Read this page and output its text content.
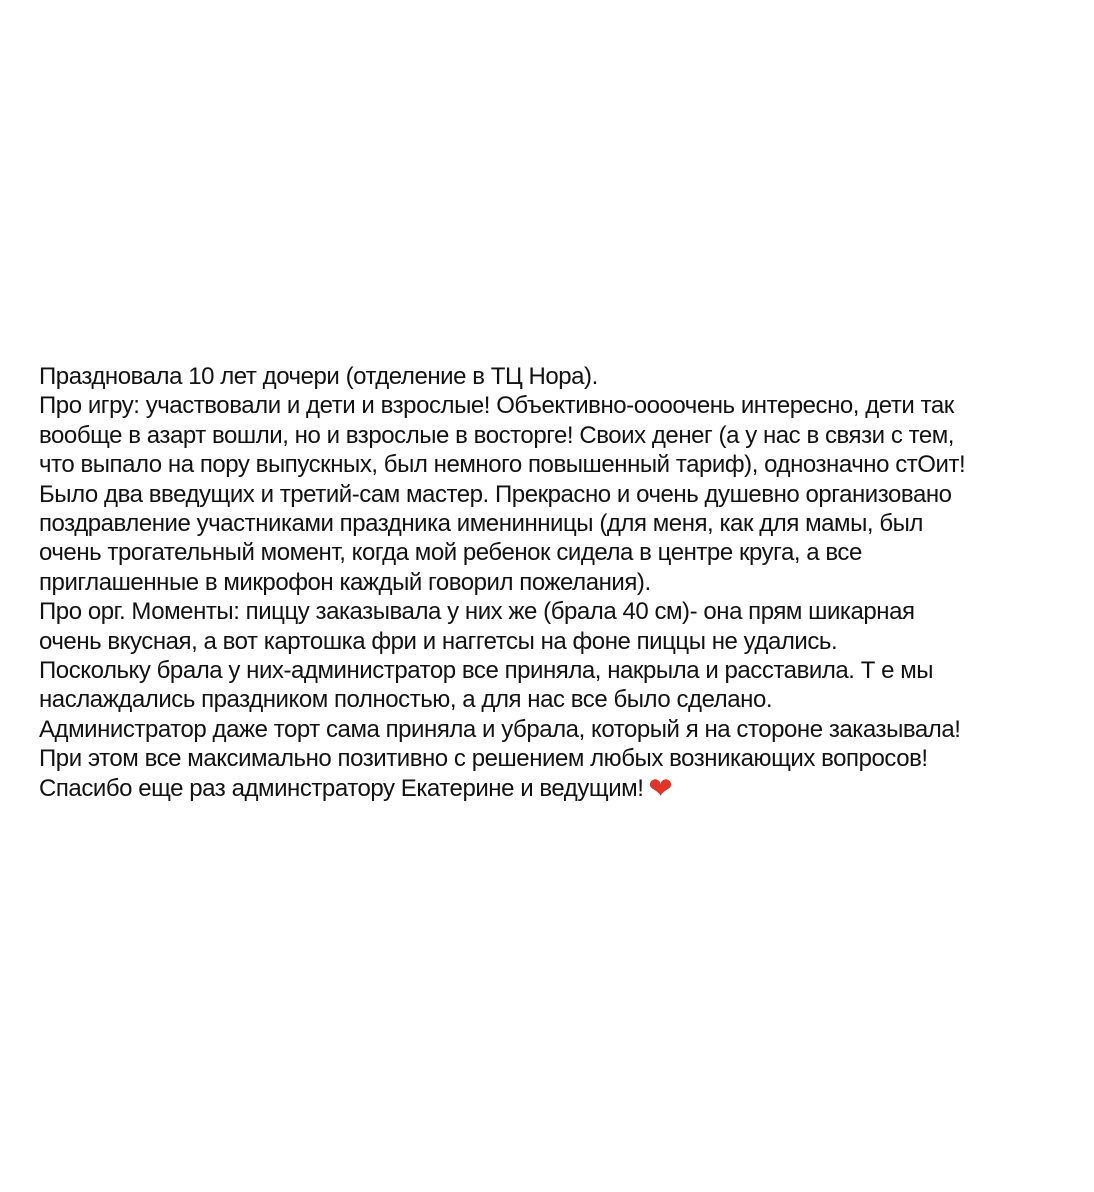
Праздновала 10 лет дочери (отделение в ТЦ Нора).
Про игру: участвовали и дети и взрослые! Объективно-оооочень интересно, дети так
вообще в азарт вошли, но и взрослые в восторге! Своих денег (а у нас в связи с тем,
что выпало на пору выпускных, был немного повышенный тариф), однозначно стОит!
Было два введущих и третий-сам мастер. Прекрасно и очень душевно организовано
поздравление участниками праздника именинницы (для меня, как для мамы, был
очень трогательный момент, когда мой ребенок сидела в центре круга, а все
приглашенные в микрофон каждый говорил пожелания).
Про орг. Моменты: пиццу заказывала у них же (брала 40 см)- она прям шикарная
очень вкусная, а вот картошка фри и наггетсы на фоне пиццы не удались.
Поскольку брала у них-администратор все приняла, накрыла и расставила. Т е мы
наслаждались праздником полностью, а для нас все было сделано.
Администратор даже торт сама приняла и убрала, который я на стороне заказывала!
При этом все максимально позитивно с решением любых возникающих вопросов!
Спасибо еще раз админстратору Екатерине и ведущим! ❤
